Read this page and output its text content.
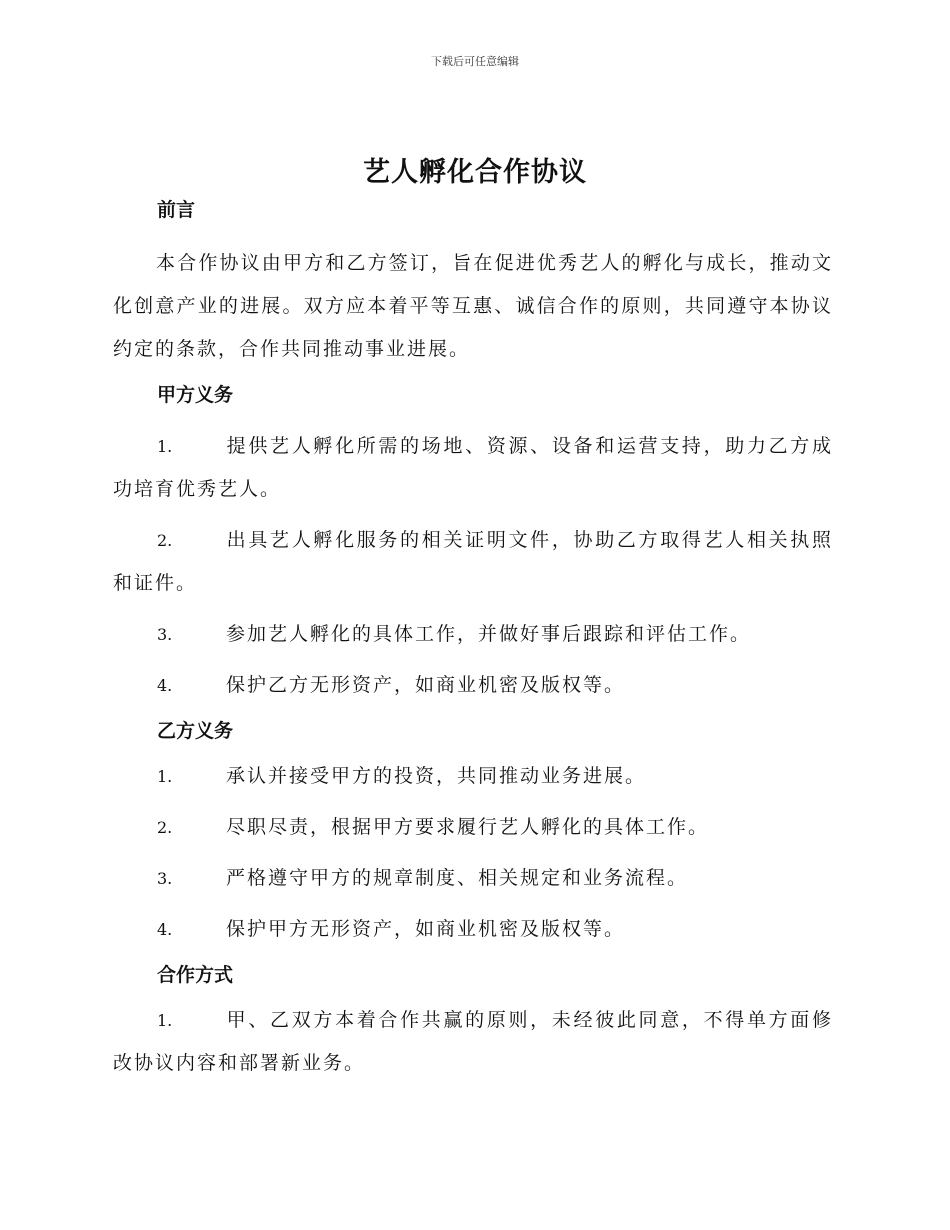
下载后可任意编辑
艺人孵化合作协议
前言

本合作协议由甲方和乙方签订，旨在促进优秀艺人的孵化与成长，推动文化创意产业的进展。双方应本着平等互惠、诚信合作的原则，共同遵守本协议约定的条款，合作共同推动事业进展。

甲方义务

1.	提供艺人孵化所需的场地、资源、设备和运营支持，助力乙方成功培育优秀艺人。

2.	出具艺人孵化服务的相关证明文件，协助乙方取得艺人相关执照和证件。

3.	参加艺人孵化的具体工作，并做好事后跟踪和评估工作。

4.	保护乙方无形资产，如商业机密及版权等。

乙方义务

1.	承认并接受甲方的投资，共同推动业务进展。

2.	尽职尽责，根据甲方要求履行艺人孵化的具体工作。

3.	严格遵守甲方的规章制度、相关规定和业务流程。

4.	保护甲方无形资产，如商业机密及版权等。

合作方式

1.	甲、乙双方本着合作共赢的原则，未经彼此同意，不得单方面修改协议内容和部署新业务。
